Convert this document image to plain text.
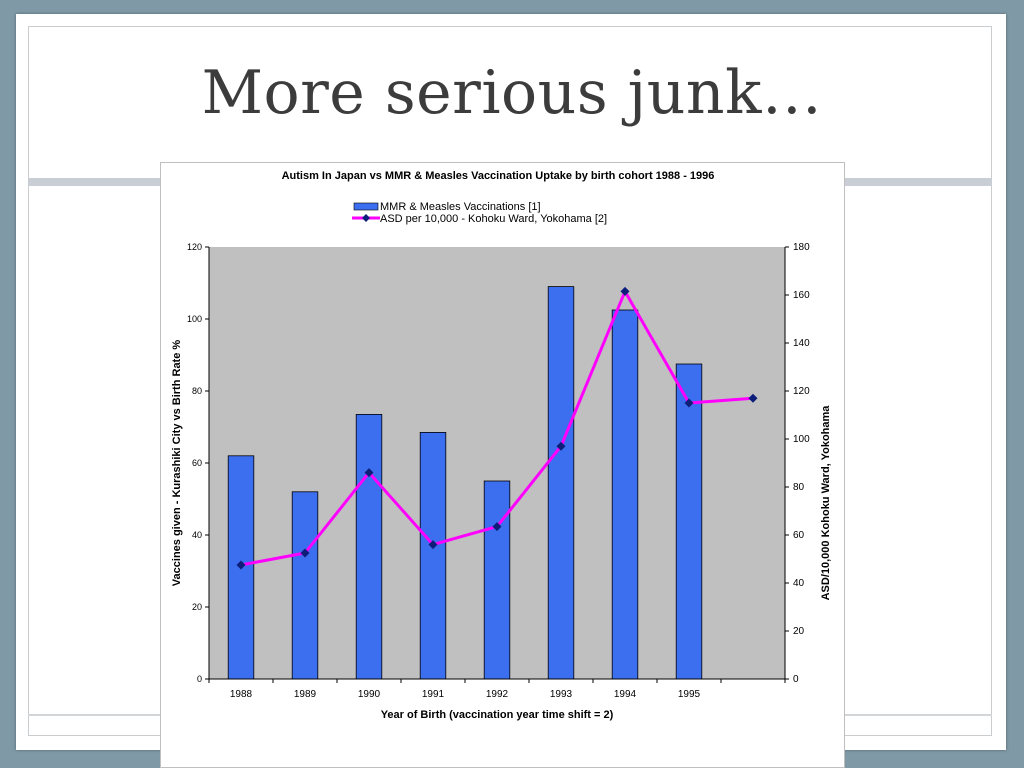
More serious junk…
Autism In Japan vs MMR & Measles Vaccination Uptake by birth cohort 1988 - 1996
MMR & Measles Vaccinations [1]
ASD per 10,000 - Kohoku Ward, Yokohama [2]
0
20
40
60
80
100
120
0
20
40
60
80
100
120
140
160
180
1988	1989	1990	1991	1992	1993	1994	1995
Year of Birth (vaccination year time shift = 2)
Vaccines given - Kurashiki City vs Birth Rate %	ASD/10,000 Kohoku Ward, Yokohama
